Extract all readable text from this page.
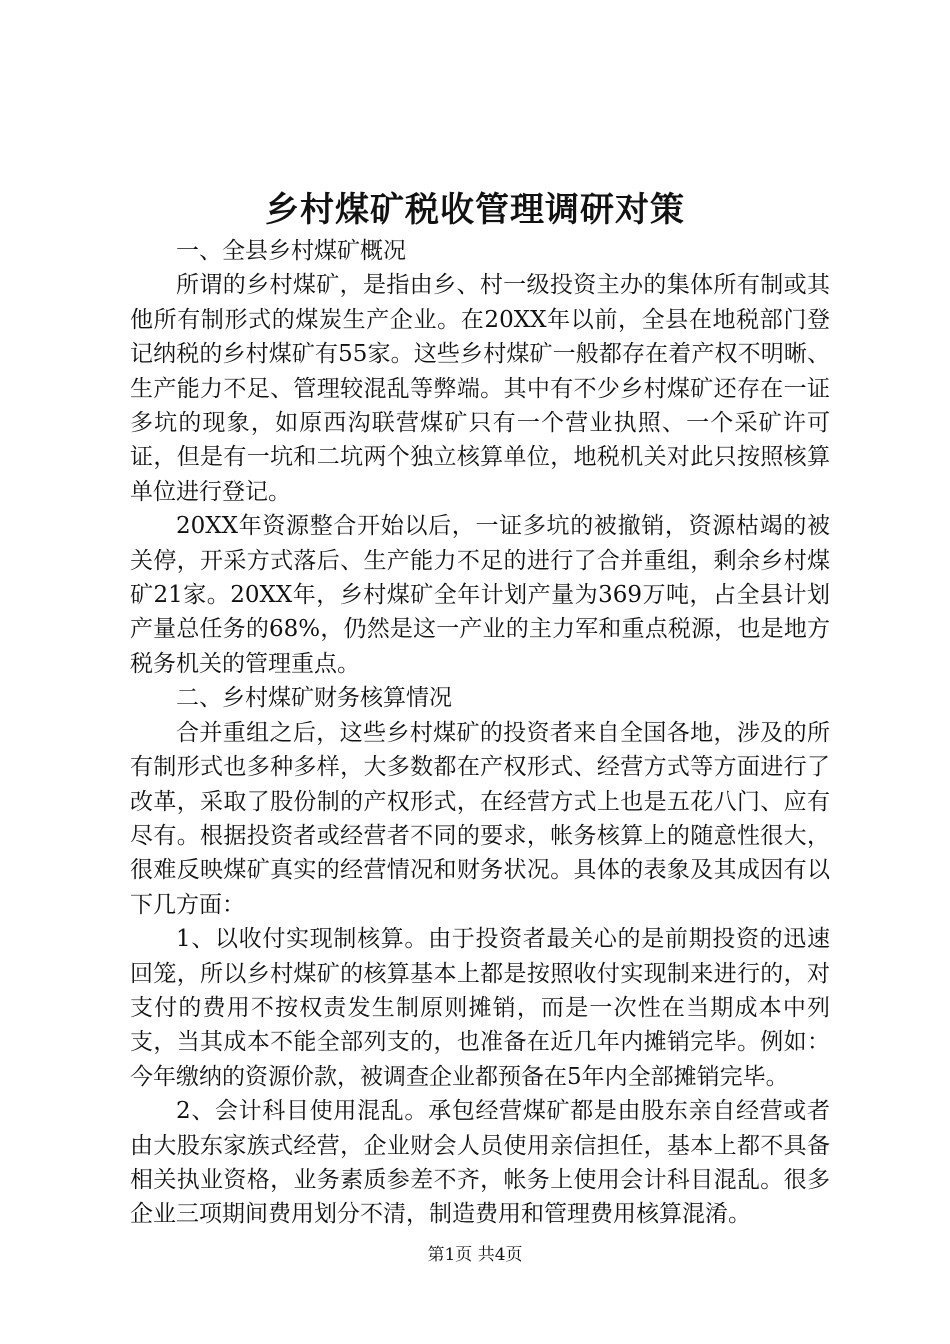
乡村煤矿税收管理调研对策

一、全县乡村煤矿概况

所谓的乡村煤矿，是指由乡、村一级投资主办的集体所有制或其他所有制形式的煤炭生产企业。在20XX年以前，全县在地税部门登记纳税的乡村煤矿有55家。这些乡村煤矿一般都存在着产权不明晰、生产能力不足、管理较混乱等弊端。其中有不少乡村煤矿还存在一证多坑的现象，如原西沟联营煤矿只有一个营业执照、一个采矿许可证，但是有一坑和二坑两个独立核算单位，地税机关对此只按照核算单位进行登记。

20XX年资源整合开始以后，一证多坑的被撤销，资源枯竭的被关停，开采方式落后、生产能力不足的进行了合并重组，剩余乡村煤矿21家。20XX年，乡村煤矿全年计划产量为369万吨，占全县计划产量总任务的68%，仍然是这一产业的主力军和重点税源，也是地方税务机关的管理重点。

二、乡村煤矿财务核算情况

合并重组之后，这些乡村煤矿的投资者来自全国各地，涉及的所有制形式也多种多样，大多数都在产权形式、经营方式等方面进行了改革，采取了股份制的产权形式，在经营方式上也是五花八门、应有尽有。根据投资者或经营者不同的要求，帐务核算上的随意性很大，很难反映煤矿真实的经营情况和财务状况。具体的表象及其成因有以下几方面：

1、以收付实现制核算。由于投资者最关心的是前期投资的迅速回笼，所以乡村煤矿的核算基本上都是按照收付实现制来进行的，对支付的费用不按权责发生制原则摊销，而是一次性在当期成本中列支，当其成本不能全部列支的，也准备在近几年内摊销完毕。例如：今年缴纳的资源价款，被调查企业都预备在5年内全部摊销完毕。

2、会计科目使用混乱。承包经营煤矿都是由股东亲自经营或者由大股东家族式经营，企业财会人员使用亲信担任，基本上都不具备相关执业资格，业务素质参差不齐，帐务上使用会计科目混乱。很多企业三项期间费用划分不清，制造费用和管理费用核算混淆。

第1页 共4页
